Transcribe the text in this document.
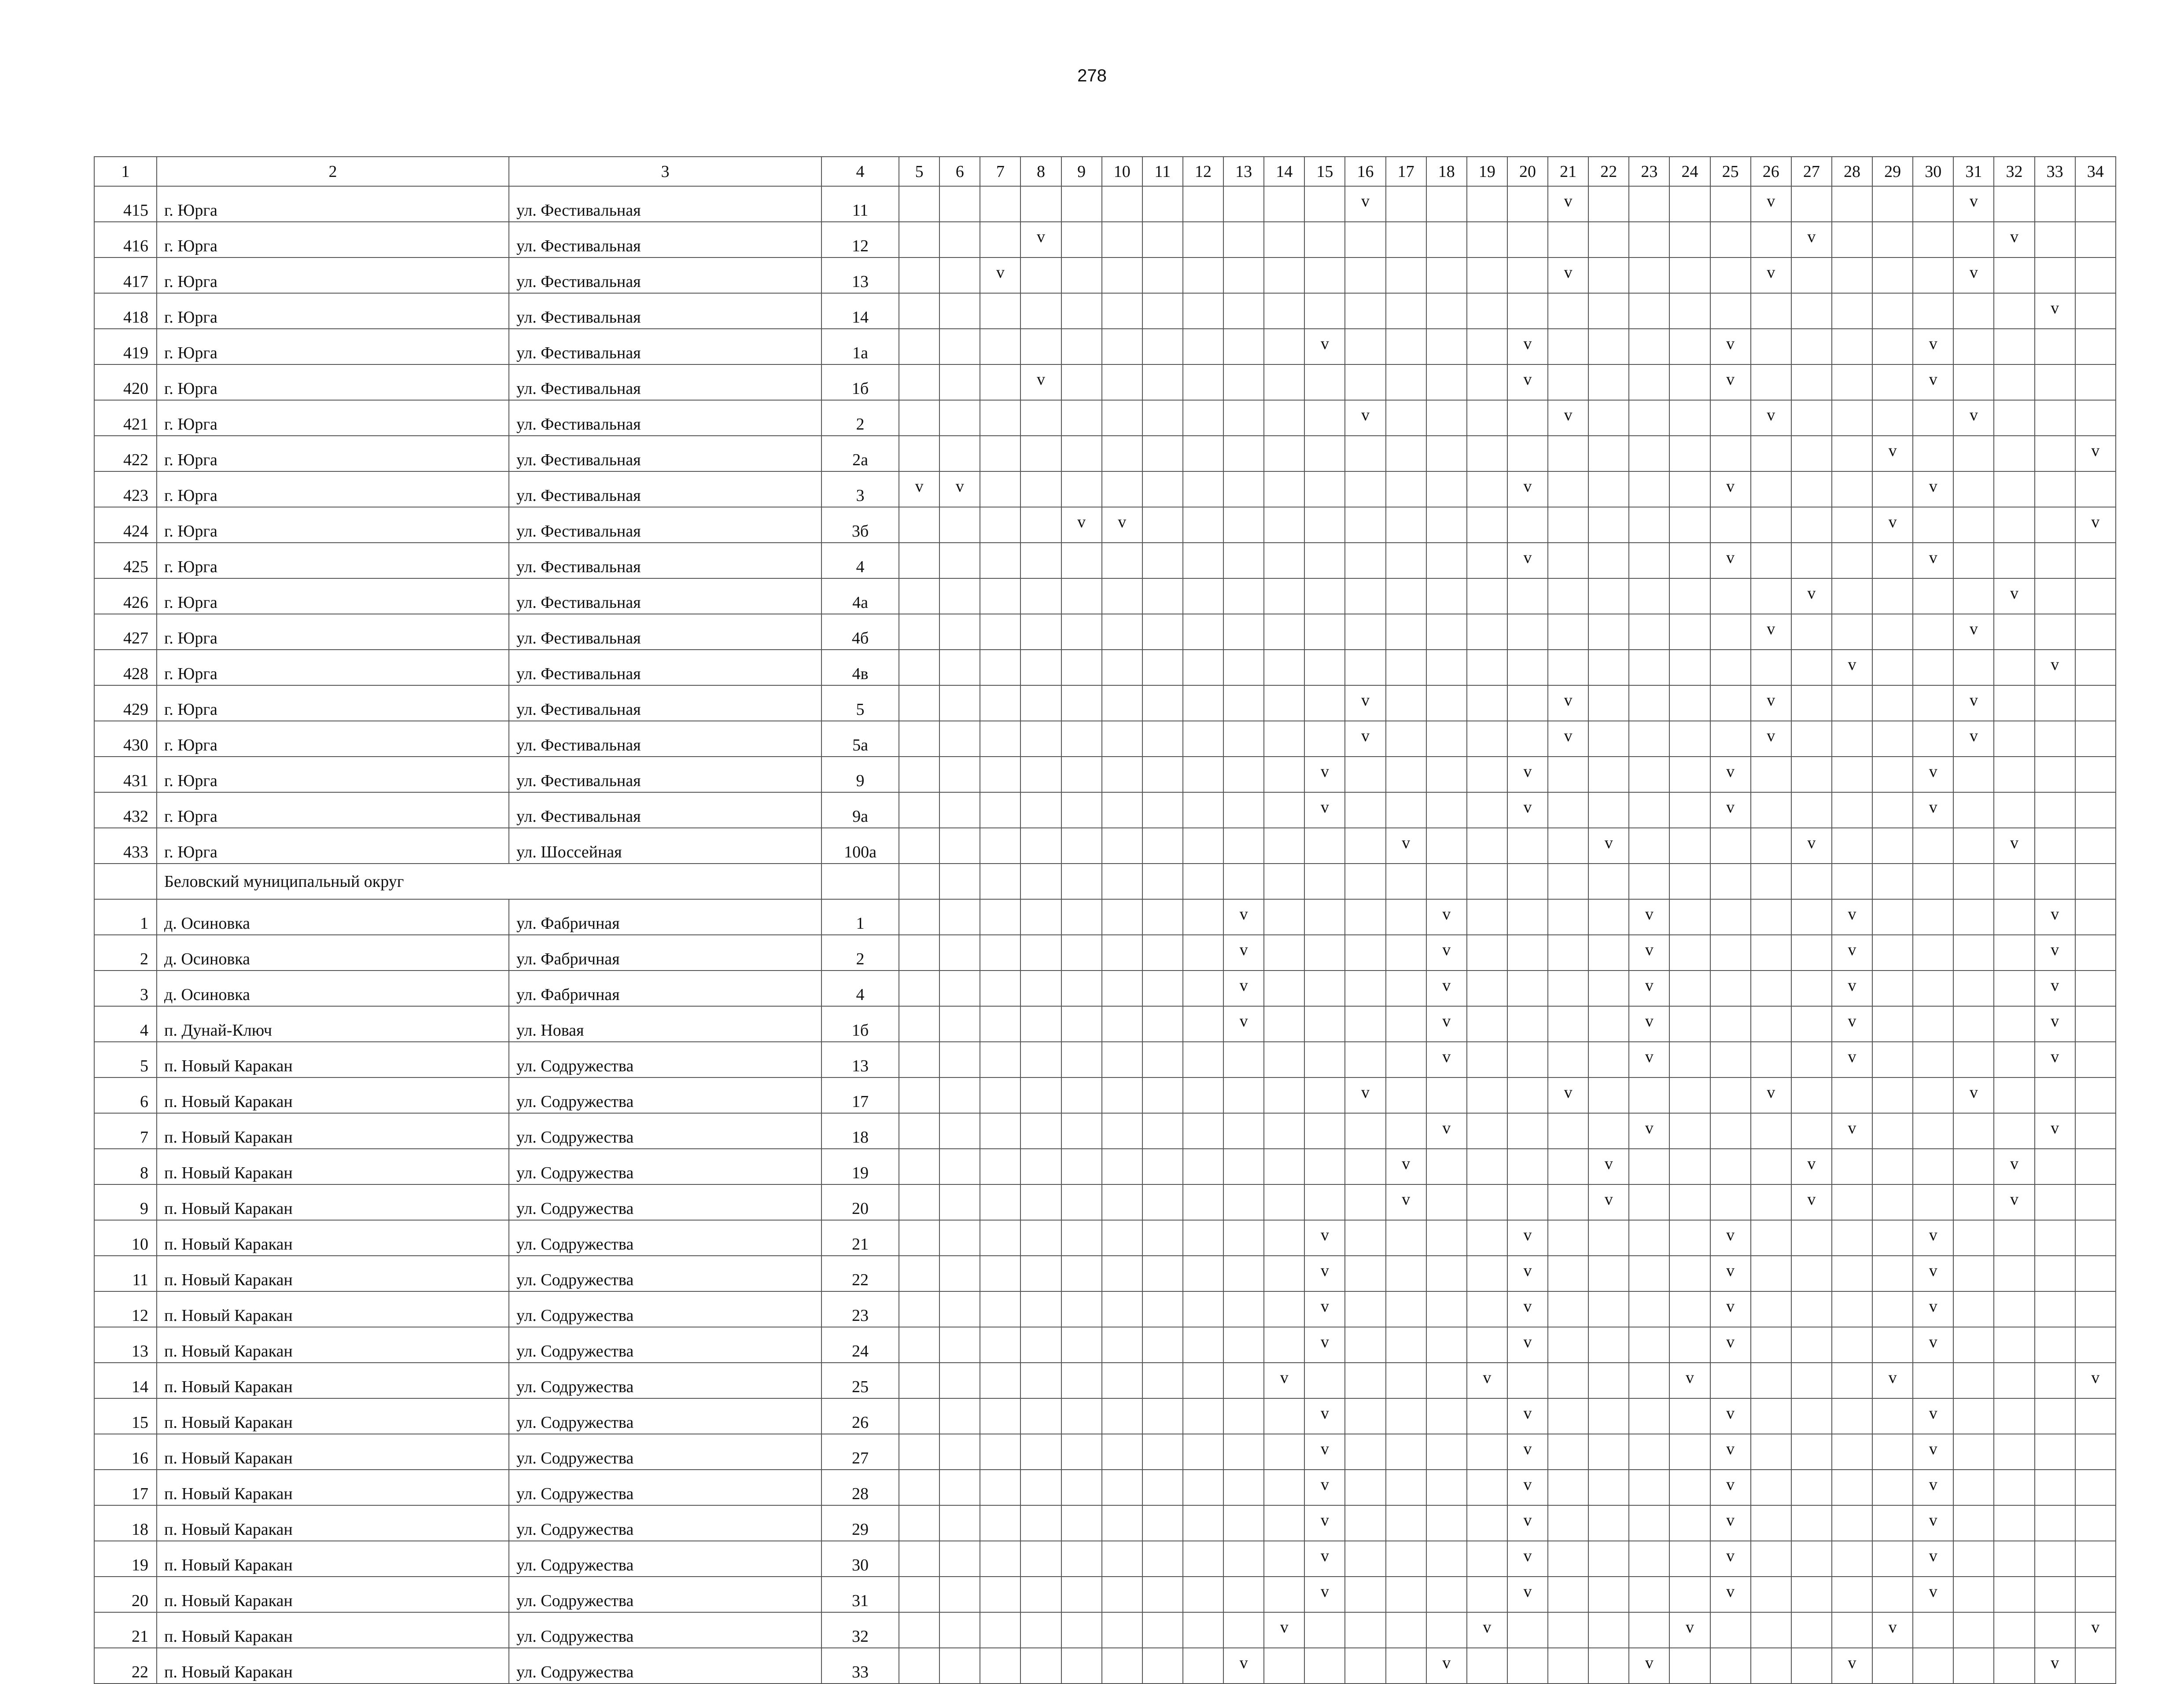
278
1	2	3	4	5	6	7	8	9	10	11	12	13	14	15	16	17	18	19	20	21	22	23	24	25	26	27	28	29	30	31	32	33	34
415	г. Юрга	ул. Фестивальная	11												v					v					v					v			
416	г. Юрга	ул. Фестивальная	12				v																			v					v		
417	г. Юрга	ул. Фестивальная	13			v														v					v					v			
418	г. Юрга	ул. Фестивальная	14																													v	
419	г. Юрга	ул. Фестивальная	1а											v					v					v					v				
420	г. Юрга	ул. Фестивальная	1б				v												v					v					v				
421	г. Юрга	ул. Фестивальная	2												v					v					v					v			
422	г. Юрга	ул. Фестивальная	2а																									v					v
423	г. Юрга	ул. Фестивальная	3	v	v														v					v					v				
424	г. Юрга	ул. Фестивальная	3б					v	v																			v					v
425	г. Юрга	ул. Фестивальная	4																v					v					v				
426	г. Юрга	ул. Фестивальная	4а																							v					v		
427	г. Юрга	ул. Фестивальная	4б																						v					v			
428	г. Юрга	ул. Фестивальная	4в																								v					v	
429	г. Юрга	ул. Фестивальная	5												v					v					v					v			
430	г. Юрга	ул. Фестивальная	5а												v					v					v					v			
431	г. Юрга	ул. Фестивальная	9											v					v					v					v				
432	г. Юрга	ул. Фестивальная	9а											v					v					v					v				
433	г. Юрга	ул. Шоссейная	100а													v					v					v					v		
	Беловский муниципальный округ																																
1	д. Осиновка	ул. Фабричная	1									v					v					v					v					v	
2	д. Осиновка	ул. Фабричная	2									v					v					v					v					v	
3	д. Осиновка	ул. Фабричная	4									v					v					v					v					v	
4	п. Дунай-Ключ	ул. Новая	1б									v					v					v					v					v	
5	п. Новый Каракан	ул. Содружества	13														v					v					v					v	
6	п. Новый Каракан	ул. Содружества	17												v					v					v					v			
7	п. Новый Каракан	ул. Содружества	18														v					v					v					v	
8	п. Новый Каракан	ул. Содружества	19													v					v					v					v		
9	п. Новый Каракан	ул. Содружества	20													v					v					v					v		
10	п. Новый Каракан	ул. Содружества	21											v					v					v					v				
11	п. Новый Каракан	ул. Содружества	22											v					v					v					v				
12	п. Новый Каракан	ул. Содружества	23											v					v					v					v				
13	п. Новый Каракан	ул. Содружества	24											v					v					v					v				
14	п. Новый Каракан	ул. Содружества	25										v					v					v					v					v
15	п. Новый Каракан	ул. Содружества	26											v					v					v					v				
16	п. Новый Каракан	ул. Содружества	27											v					v					v					v				
17	п. Новый Каракан	ул. Содружества	28											v					v					v					v				
18	п. Новый Каракан	ул. Содружества	29											v					v					v					v				
19	п. Новый Каракан	ул. Содружества	30											v					v					v					v				
20	п. Новый Каракан	ул. Содружества	31											v					v					v					v				
21	п. Новый Каракан	ул. Содружества	32										v					v					v					v					v
22	п. Новый Каракан	ул. Содружества	33									v					v					v					v					v	
